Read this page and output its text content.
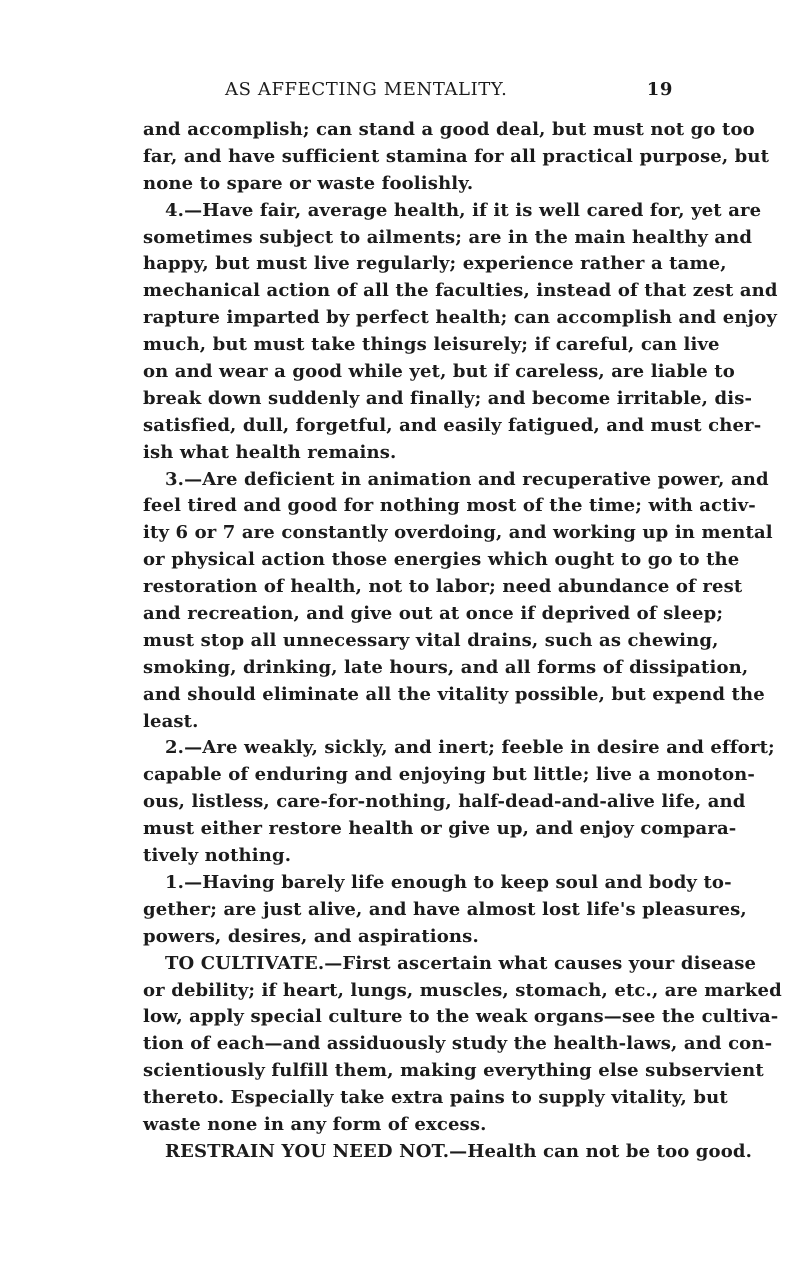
AS AFFECTING MENTALITY.	19
and accomplish; can stand a good deal, but must not go too
far, and have sufficient stamina for all practical purpose, but
none to spare or waste foolishly.
4.—Have fair, average health, if it is well cared for, yet are
sometimes subject to ailments; are in the main healthy and
happy, but must live regularly; experience rather a tame,
mechanical action of all the faculties, instead of that zest and
rapture imparted by perfect health; can accomplish and enjoy
much, but must take things leisurely; if careful, can live
on and wear a good while yet, but if careless, are liable to
break down suddenly and finally; and become irritable, dis-
satisfied, dull, forgetful, and easily fatigued, and must cher-
ish what health remains.
3.—Are deficient in animation and recuperative power, and
feel tired and good for nothing most of the time; with activ-
ity 6 or 7 are constantly overdoing, and working up in mental
or physical action those energies which ought to go to the
restoration of health, not to labor; need abundance of rest
and recreation, and give out at once if deprived of sleep;
must stop all unnecessary vital drains, such as chewing,
smoking, drinking, late hours, and all forms of dissipation,
and should eliminate all the vitality possible, but expend the
least.
2.—Are weakly, sickly, and inert; feeble in desire and effort;
capable of enduring and enjoying but little; live a monoton-
ous, listless, care-for-nothing, half-dead-and-alive life, and
must either restore health or give up, and enjoy compara-
tively nothing.
1.—Having barely life enough to keep soul and body to-
gether; are just alive, and have almost lost life's pleasures,
powers, desires, and aspirations.
TO CULTIVATE.—First ascertain what causes your disease
or debility; if heart, lungs, muscles, stomach, etc., are marked
low, apply special culture to the weak organs—see the cultiva-
tion of each—and assiduously study the health-laws, and con-
scientiously fulfill them, making everything else subservient
thereto. Especially take extra pains to supply vitality, but
waste none in any form of excess.
RESTRAIN YOU NEED NOT.—Health can not be too good.
